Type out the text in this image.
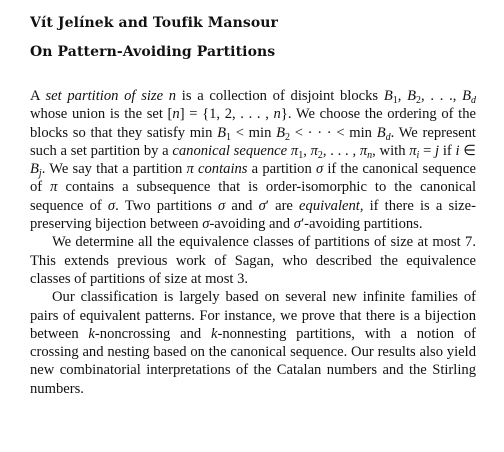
Vít Jelínek and Toufik Mansour
On Pattern-Avoiding Partitions

A set partition of size n is a collection of disjoint blocks $B_1$, $B_2$, . . ., $B_d$ whose union is the set [n] = {1, 2, . . . , n}. We choose the ordering of the blocks so that they satisfy $\min B_1 < \min B_2$ < · · · < $\min B_d$. We represent such a set partition by a canonical sequence $\pi_1$, $\pi_2$, . . . , $\pi_n$, with $\pi_i = j$ if i ∈ $B_j$. We say that a partition π contains a partition σ if the canonical sequence of π contains a subsequence that is order-isomorphic to the canonical sequence of σ. Two partitions σ and σ′ are equivalent, if there is a size-preserving bijection between σ-avoiding and σ′-avoiding partitions.

We determine all the equivalence classes of partitions of size at most 7. This extends previous work of Sagan, who described the equivalence classes of partitions of size at most 3.

Our classification is largely based on several new infinite families of pairs of equivalent patterns. For instance, we prove that there is a bijection between k-noncrossing and k-nonnesting partitions, with a notion of crossing and nesting based on the canonical sequence. Our results also yield new combinatorial interpretations of the Catalan numbers and the Stirling numbers.
